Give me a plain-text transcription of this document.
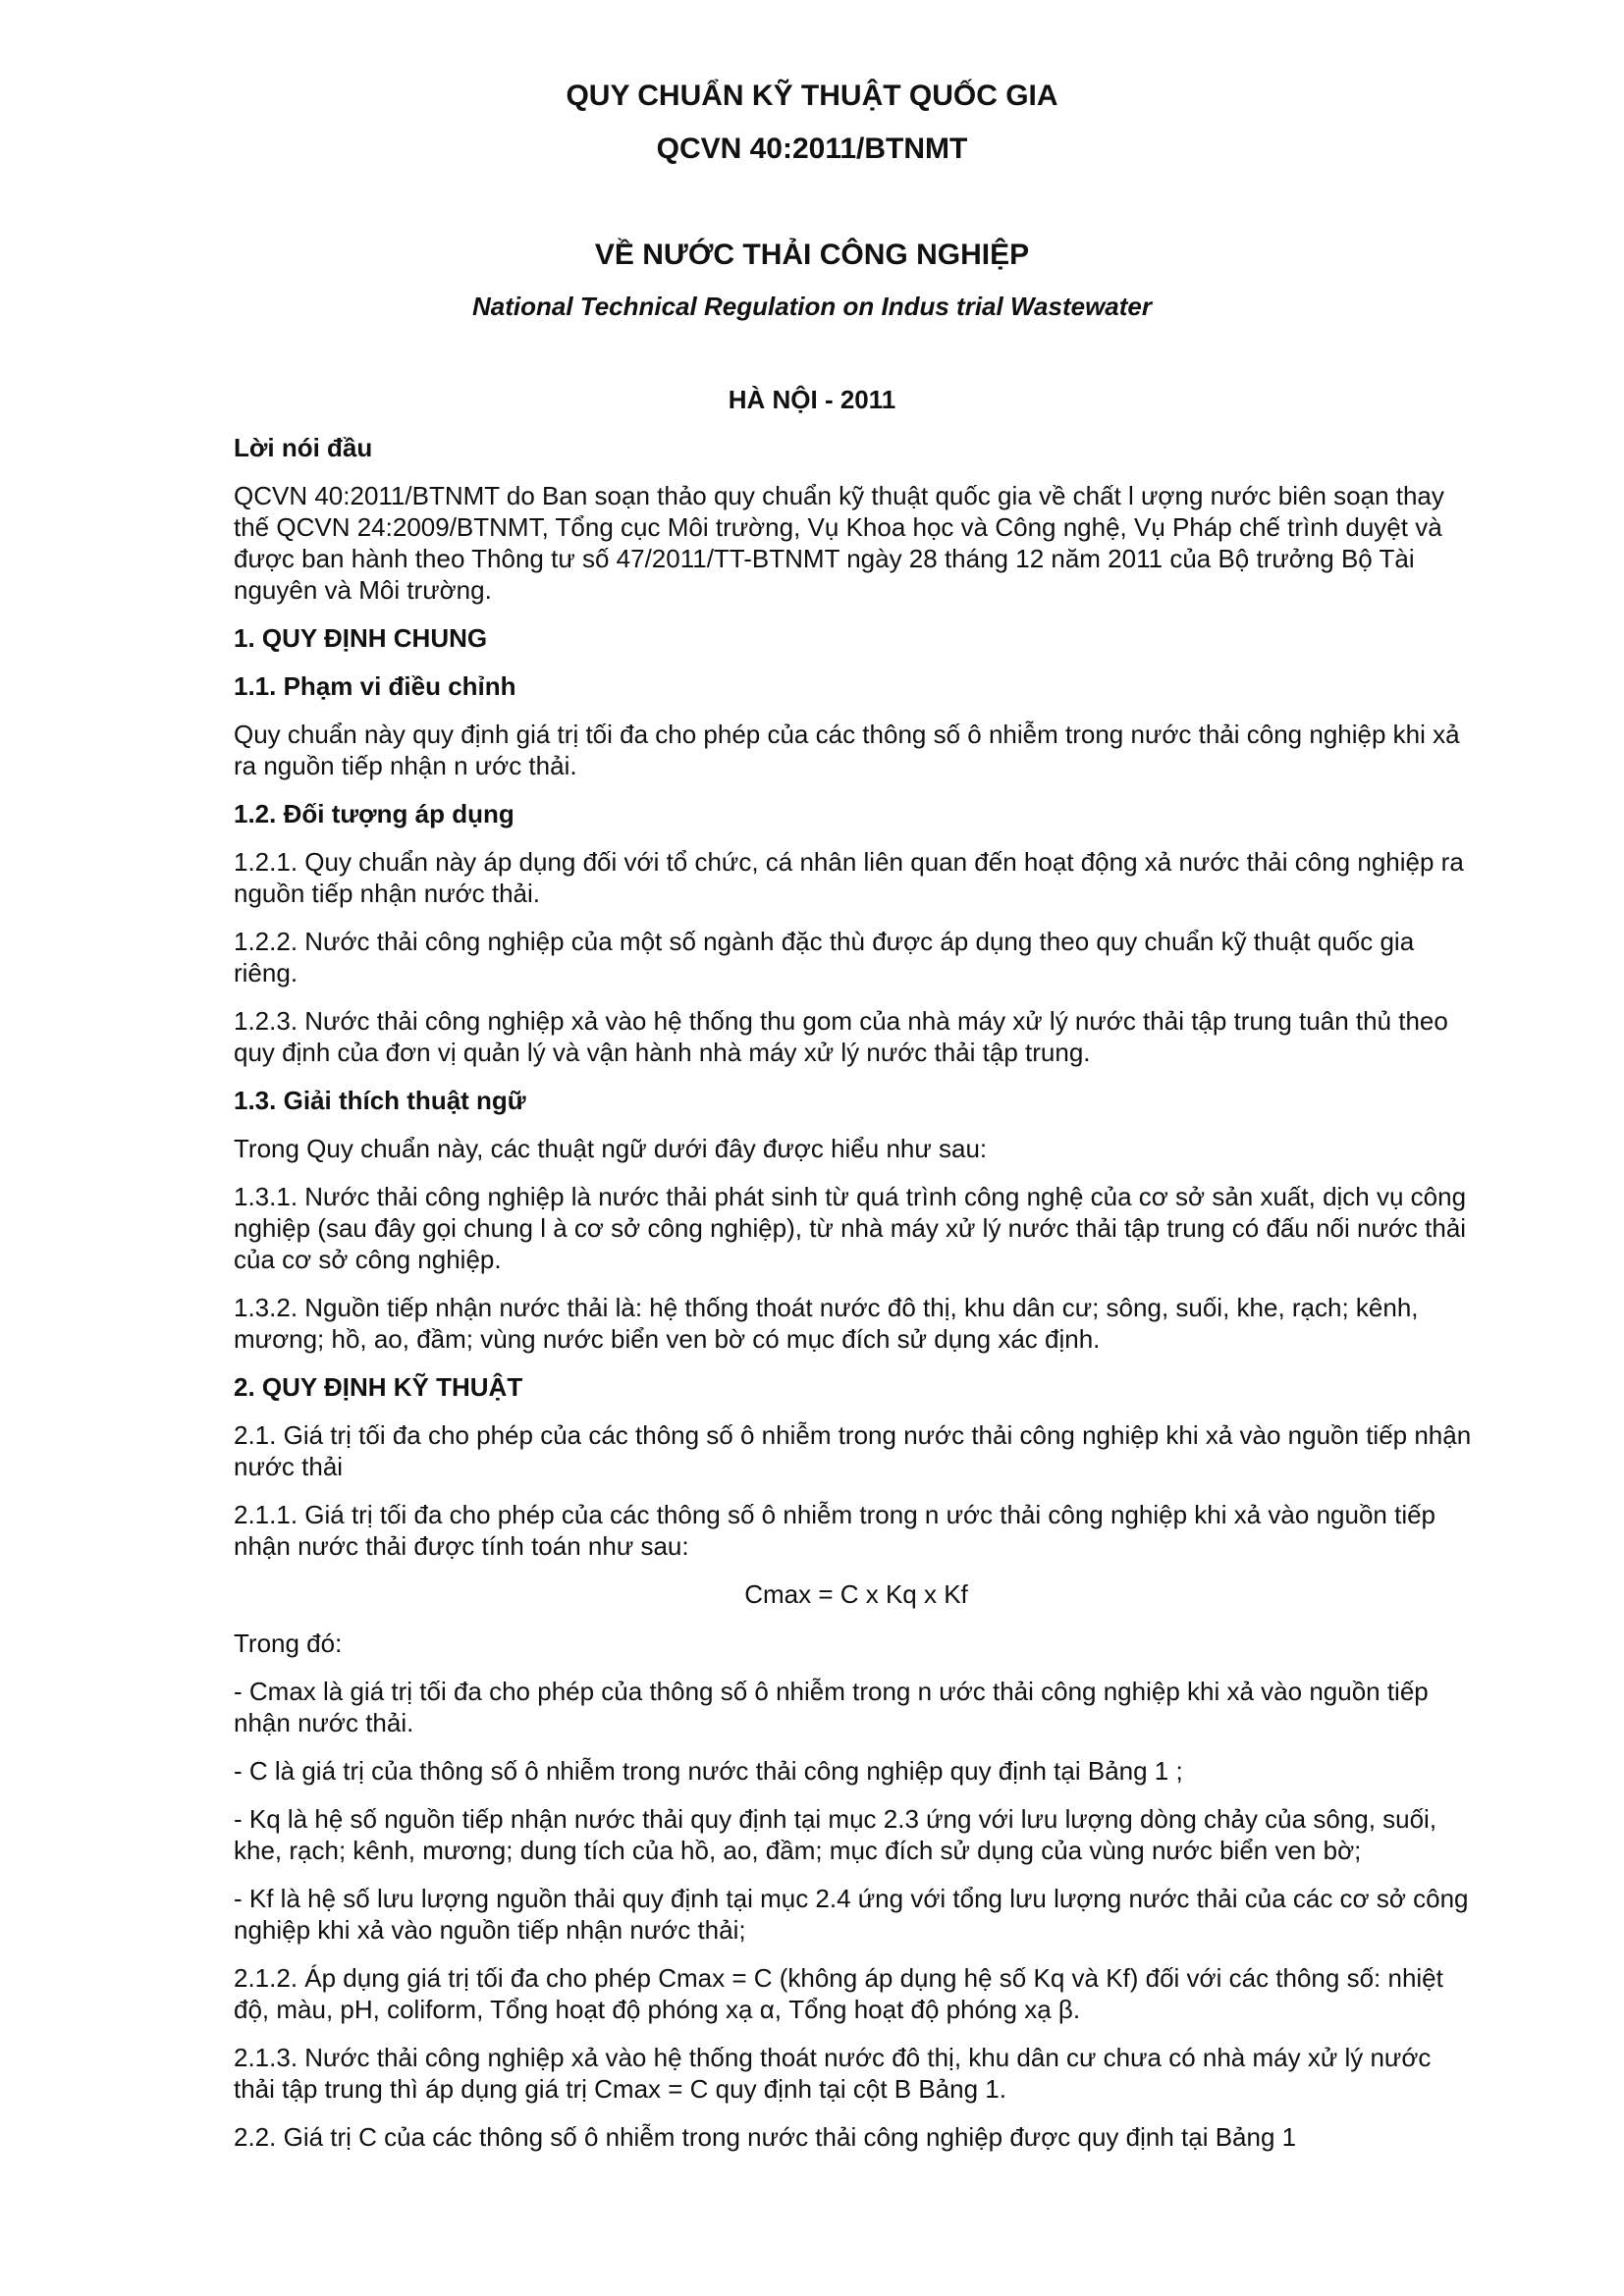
QUY CHUẨN KỸ THUẬT QUỐC GIA
QCVN 40:2011/BTNMT
VỀ NƯỚC THẢI CÔNG NGHIỆP
National Technical Regulation on Indus trial Wastewater
HÀ NỘI - 2011

Lời nói đầu

QCVN 40:2011/BTNMT do Ban soạn thảo quy chuẩn kỹ thuật quốc gia về chất l ượng nước biên soạn thay thế QCVN 24:2009/BTNMT, Tổng cục Môi trường, Vụ Khoa học và Công nghệ, Vụ Pháp chế trình duyệt và được ban hành theo Thông tư số 47/2011/TT-BTNMT ngày 28 tháng 12 năm 2011 của Bộ trưởng Bộ Tài nguyên và Môi trường.

1. QUY ĐỊNH CHUNG

1.1. Phạm vi điều chỉnh

Quy chuẩn này quy định giá trị tối đa cho phép của các thông số ô nhiễm trong nước thải công nghiệp khi xả ra nguồn tiếp nhận n ước thải.

1.2. Đối tượng áp dụng

1.2.1. Quy chuẩn này áp dụng đối với tổ chức, cá nhân liên quan đến hoạt động xả nước thải công nghiệp ra nguồn tiếp nhận nước thải.

1.2.2. Nước thải công nghiệp của một số ngành đặc thù được áp dụng theo quy chuẩn kỹ thuật quốc gia riêng.

1.2.3. Nước thải công nghiệp xả vào hệ thống thu gom của nhà máy xử lý nước thải tập trung tuân thủ theo quy định của đơn vị quản lý và vận hành nhà máy xử lý nước thải tập trung.

1.3. Giải thích thuật ngữ

Trong Quy chuẩn này, các thuật ngữ dưới đây được hiểu như sau:

1.3.1. Nước thải công nghiệp là nước thải phát sinh từ quá trình công nghệ của cơ sở sản xuất, dịch vụ công nghiệp (sau đây gọi chung l à cơ sở công nghiệp), từ nhà máy xử lý nước thải tập trung có đấu nối nước thải của cơ sở công nghiệp.

1.3.2. Nguồn tiếp nhận nước thải là: hệ thống thoát nước đô thị, khu dân cư; sông, suối, khe, rạch; kênh, mương; hồ, ao, đầm; vùng nước biển ven bờ có mục đích sử dụng xác định.

2. QUY ĐỊNH KỸ THUẬT

2.1. Giá trị tối đa cho phép của các thông số ô nhiễm trong nước thải công nghiệp khi xả vào nguồn tiếp nhận nước thải

2.1.1. Giá trị tối đa cho phép của các thông số ô nhiễm trong n ước thải công nghiệp khi xả vào nguồn tiếp nhận nước thải được tính toán như sau:

Cmax = C x Kq x Kf

Trong đó:

- Cmax là giá trị tối đa cho phép của thông số ô nhiễm trong n ước thải công nghiệp khi xả vào nguồn tiếp nhận nước thải.

- C là giá trị của thông số ô nhiễm trong nước thải công nghiệp quy định tại Bảng 1 ;

- Kq là hệ số nguồn tiếp nhận nước thải quy định tại mục 2.3 ứng với lưu lượng dòng chảy của sông, suối, khe, rạch; kênh, mương; dung tích của hồ, ao, đầm; mục đích sử dụng của vùng nước biển ven bờ;

- Kf là hệ số lưu lượng nguồn thải quy định tại mục 2.4 ứng với tổng lưu lượng nước thải của các cơ sở công nghiệp khi xả vào nguồn tiếp nhận nước thải;

2.1.2. Áp dụng giá trị tối đa cho phép Cmax = C (không áp dụng hệ số Kq và Kf) đối với các thông số: nhiệt độ, màu, pH, coliform, Tổng hoạt độ phóng xạ α, Tổng hoạt độ phóng xạ β.

2.1.3. Nước thải công nghiệp xả vào hệ thống thoát nước đô thị, khu dân cư chưa có nhà máy xử lý nước thải tập trung thì áp dụng giá trị Cmax = C quy định tại cột B Bảng 1.

2.2. Giá trị C của các thông số ô nhiễm trong nước thải công nghiệp được quy định tại Bảng 1
